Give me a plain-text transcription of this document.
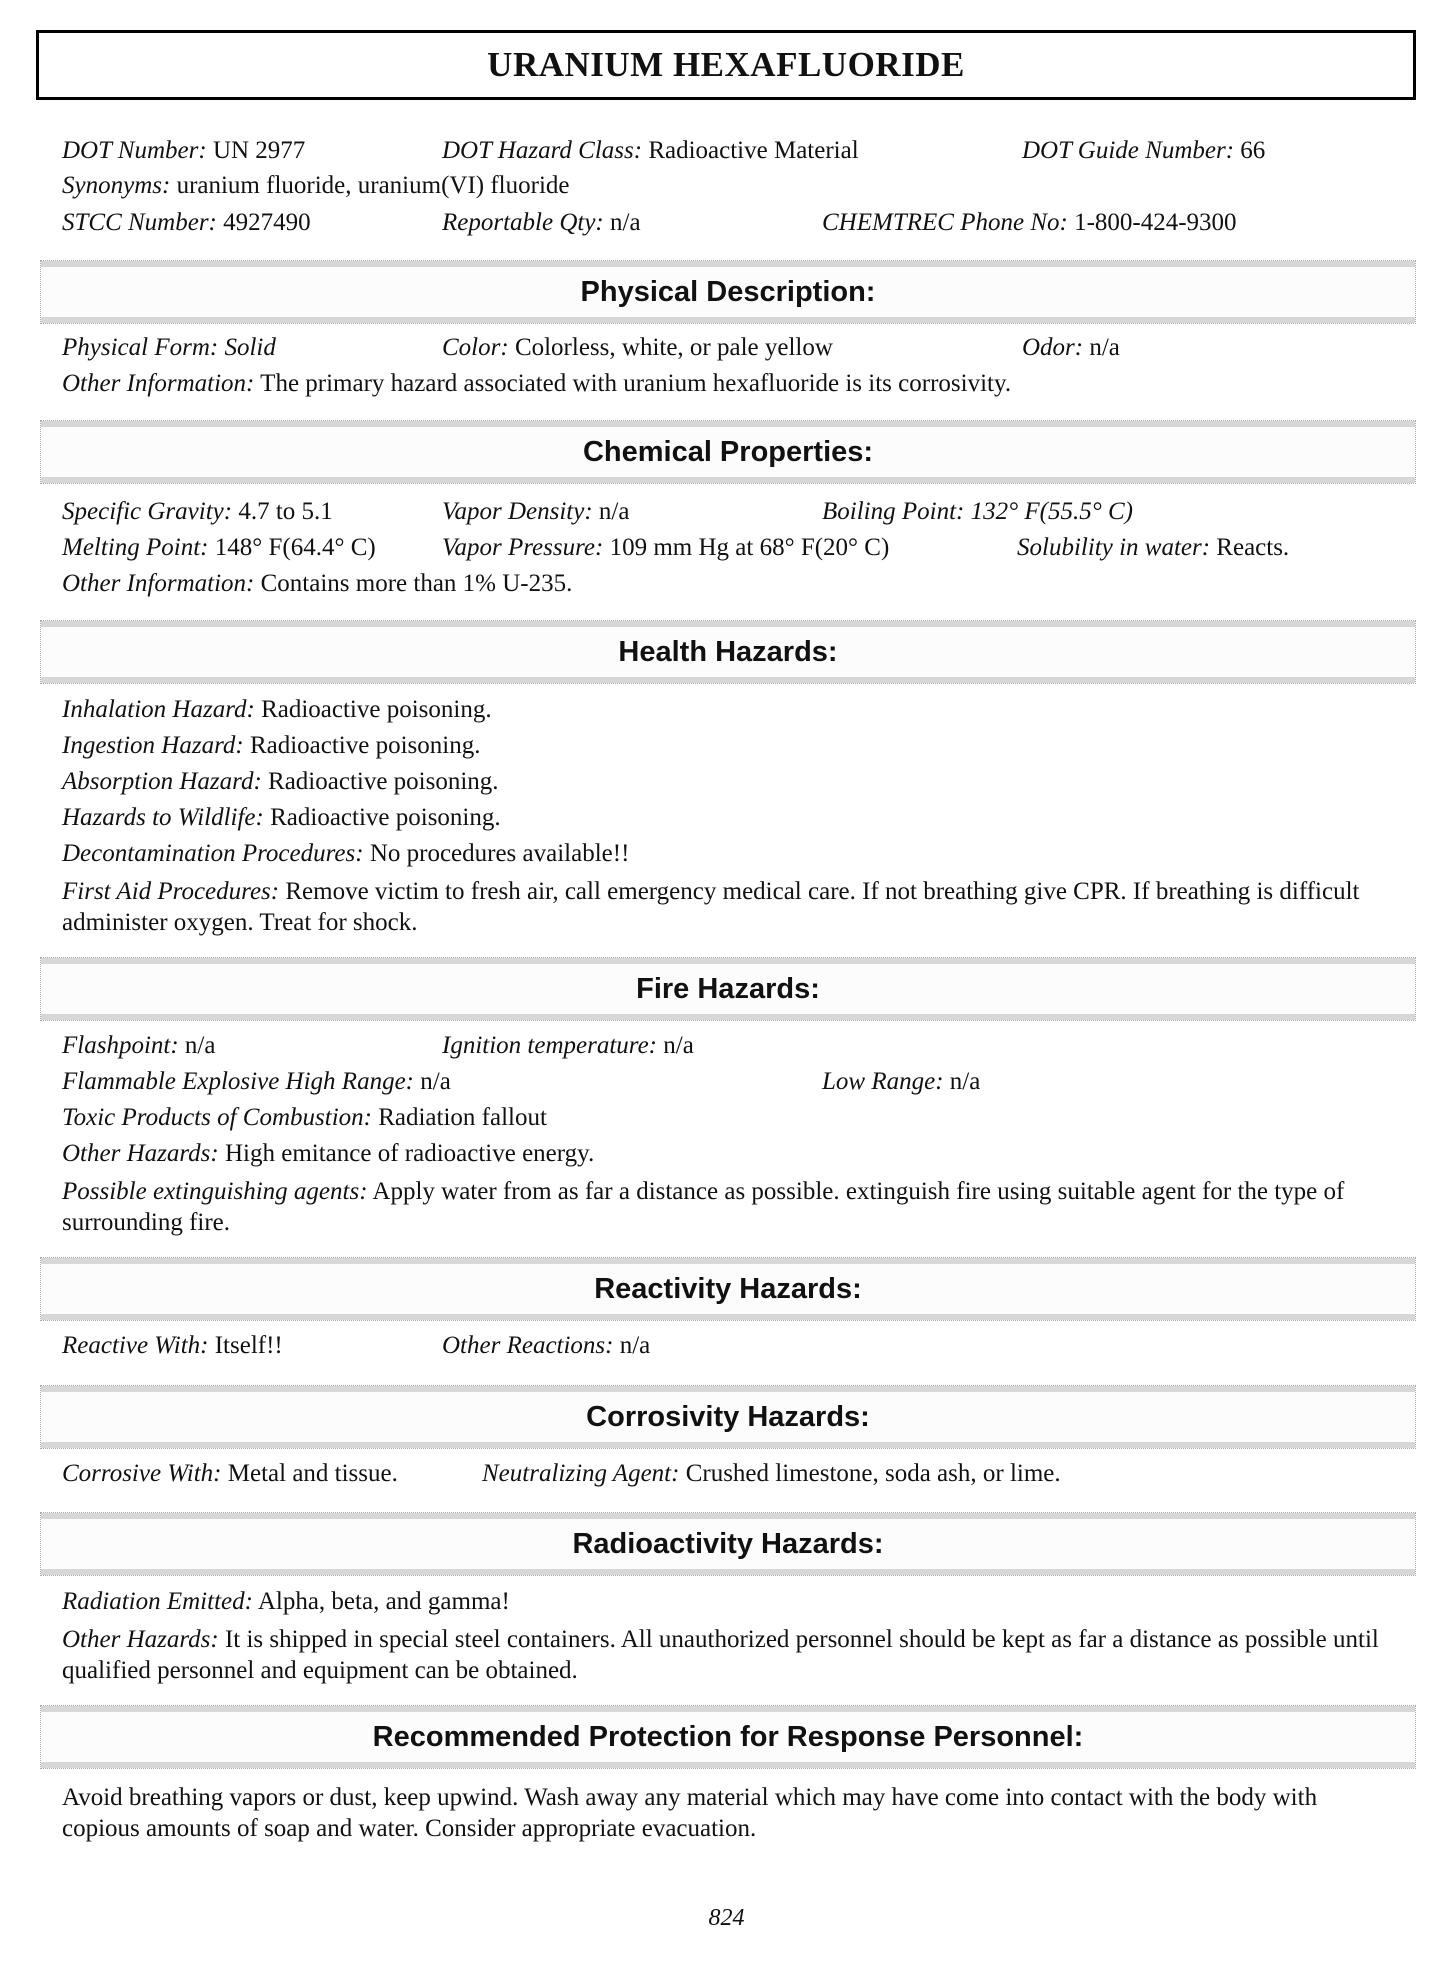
URANIUM HEXAFLUORIDE
DOT Number: UN 2977	DOT Hazard Class: Radioactive Material	DOT Guide Number: 66
Synonyms: uranium fluoride, uranium(VI) fluoride
STCC Number: 4927490	Reportable Qty: n/a	CHEMTREC Phone No: 1-800-424-9300
Physical Description:
Physical Form: Solid	Color: Colorless, white, or pale yellow	Odor: n/a
Other Information: The primary hazard associated with uranium hexafluoride is its corrosivity.
Chemical Properties:
Specific Gravity: 4.7 to 5.1	Vapor Density: n/a	Boiling Point: 132° F(55.5° C)
Melting Point: 148° F(64.4° C)	Vapor Pressure: 109 mm Hg at 68° F(20° C)	Solubility in water: Reacts.
Other Information: Contains more than 1% U-235.
Health Hazards:
Inhalation Hazard: Radioactive poisoning.
Ingestion Hazard: Radioactive poisoning.
Absorption Hazard: Radioactive poisoning.
Hazards to Wildlife: Radioactive poisoning.
Decontamination Procedures: No procedures available!!
First Aid Procedures: Remove victim to fresh air, call emergency medical care. If not breathing give CPR. If breathing is difficult administer oxygen. Treat for shock.
Fire Hazards:
Flashpoint: n/a	Ignition temperature: n/a
Flammable Explosive High Range: n/a	Low Range: n/a
Toxic Products of Combustion: Radiation fallout
Other Hazards: High emitance of radioactive energy.
Possible extinguishing agents: Apply water from as far a distance as possible. extinguish fire using suitable agent for the type of surrounding fire.
Reactivity Hazards:
Reactive With: Itself!!	Other Reactions: n/a
Corrosivity Hazards:
Corrosive With: Metal and tissue.	Neutralizing Agent: Crushed limestone, soda ash, or lime.
Radioactivity Hazards:
Radiation Emitted: Alpha, beta, and gamma!
Other Hazards: It is shipped in special steel containers. All unauthorized personnel should be kept as far a distance as possible until qualified personnel and equipment can be obtained.
Recommended Protection for Response Personnel:
Avoid breathing vapors or dust, keep upwind. Wash away any material which may have come into contact with the body with copious amounts of soap and water. Consider appropriate evacuation.
824
